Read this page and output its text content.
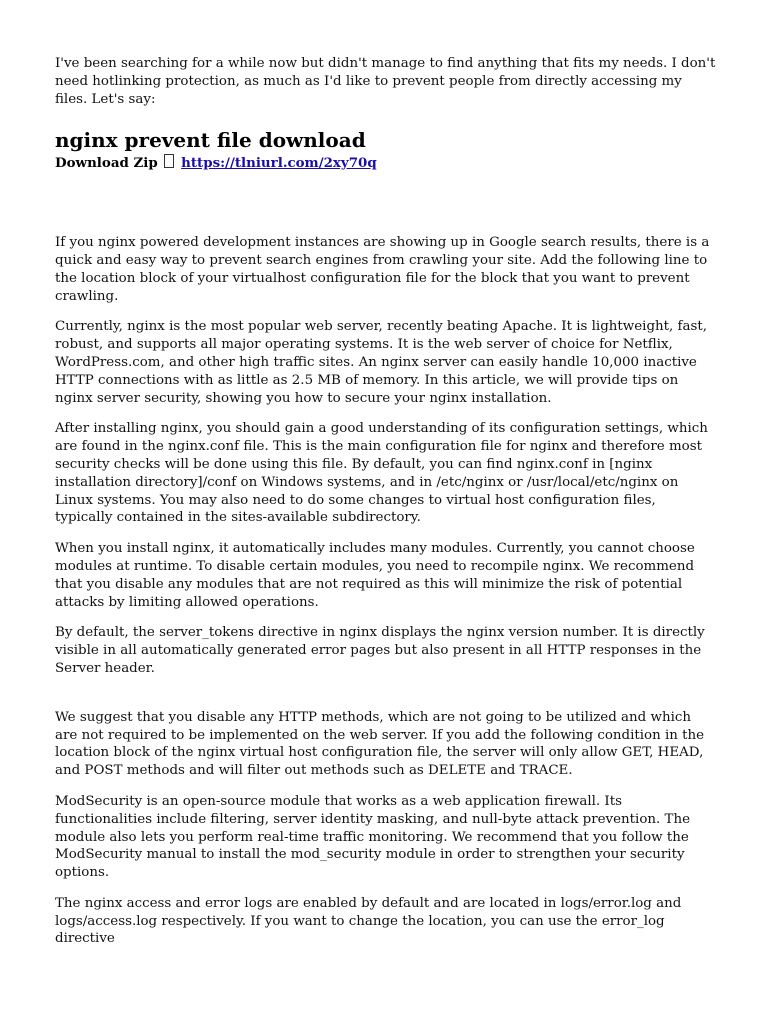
I've been searching for a while now but didn't manage to find anything that fits my needs. I don't need hotlinking protection, as much as I'd like to prevent people from directly accessing my files. Let's say:

nginx prevent file download

Download Zip https://tlniurl.com/2xy70q

If you nginx powered development instances are showing up in Google search results, there is a quick and easy way to prevent search engines from crawling your site. Add the following line to the location block of your virtualhost configuration file for the block that you want to prevent crawling.

Currently, nginx is the most popular web server, recently beating Apache. It is lightweight, fast, robust, and supports all major operating systems. It is the web server of choice for Netflix, WordPress.com, and other high traffic sites. An nginx server can easily handle 10,000 inactive HTTP connections with as little as 2.5 MB of memory. In this article, we will provide tips on nginx server security, showing you how to secure your nginx installation.

After installing nginx, you should gain a good understanding of its configuration settings, which are found in the nginx.conf file. This is the main configuration file for nginx and therefore most security checks will be done using this file. By default, you can find nginx.conf in [nginx installation directory]/conf on Windows systems, and in /etc/nginx or /usr/local/etc/nginx on Linux systems. You may also need to do some changes to virtual host configuration files, typically contained in the sites-available subdirectory.

When you install nginx, it automatically includes many modules. Currently, you cannot choose modules at runtime. To disable certain modules, you need to recompile nginx. We recommend that you disable any modules that are not required as this will minimize the risk of potential attacks by limiting allowed operations.

By default, the server_tokens directive in nginx displays the nginx version number. It is directly visible in all automatically generated error pages but also present in all HTTP responses in the Server header.

We suggest that you disable any HTTP methods, which are not going to be utilized and which are not required to be implemented on the web server. If you add the following condition in the location block of the nginx virtual host configuration file, the server will only allow GET, HEAD, and POST methods and will filter out methods such as DELETE and TRACE.

ModSecurity is an open-source module that works as a web application firewall. Its functionalities include filtering, server identity masking, and null-byte attack prevention. The module also lets you perform real-time traffic monitoring. We recommend that you follow the ModSecurity manual to install the mod_security module in order to strengthen your security options.

The nginx access and error logs are enabled by default and are located in logs/error.log and logs/access.log respectively. If you want to change the location, you can use the error_log directive
